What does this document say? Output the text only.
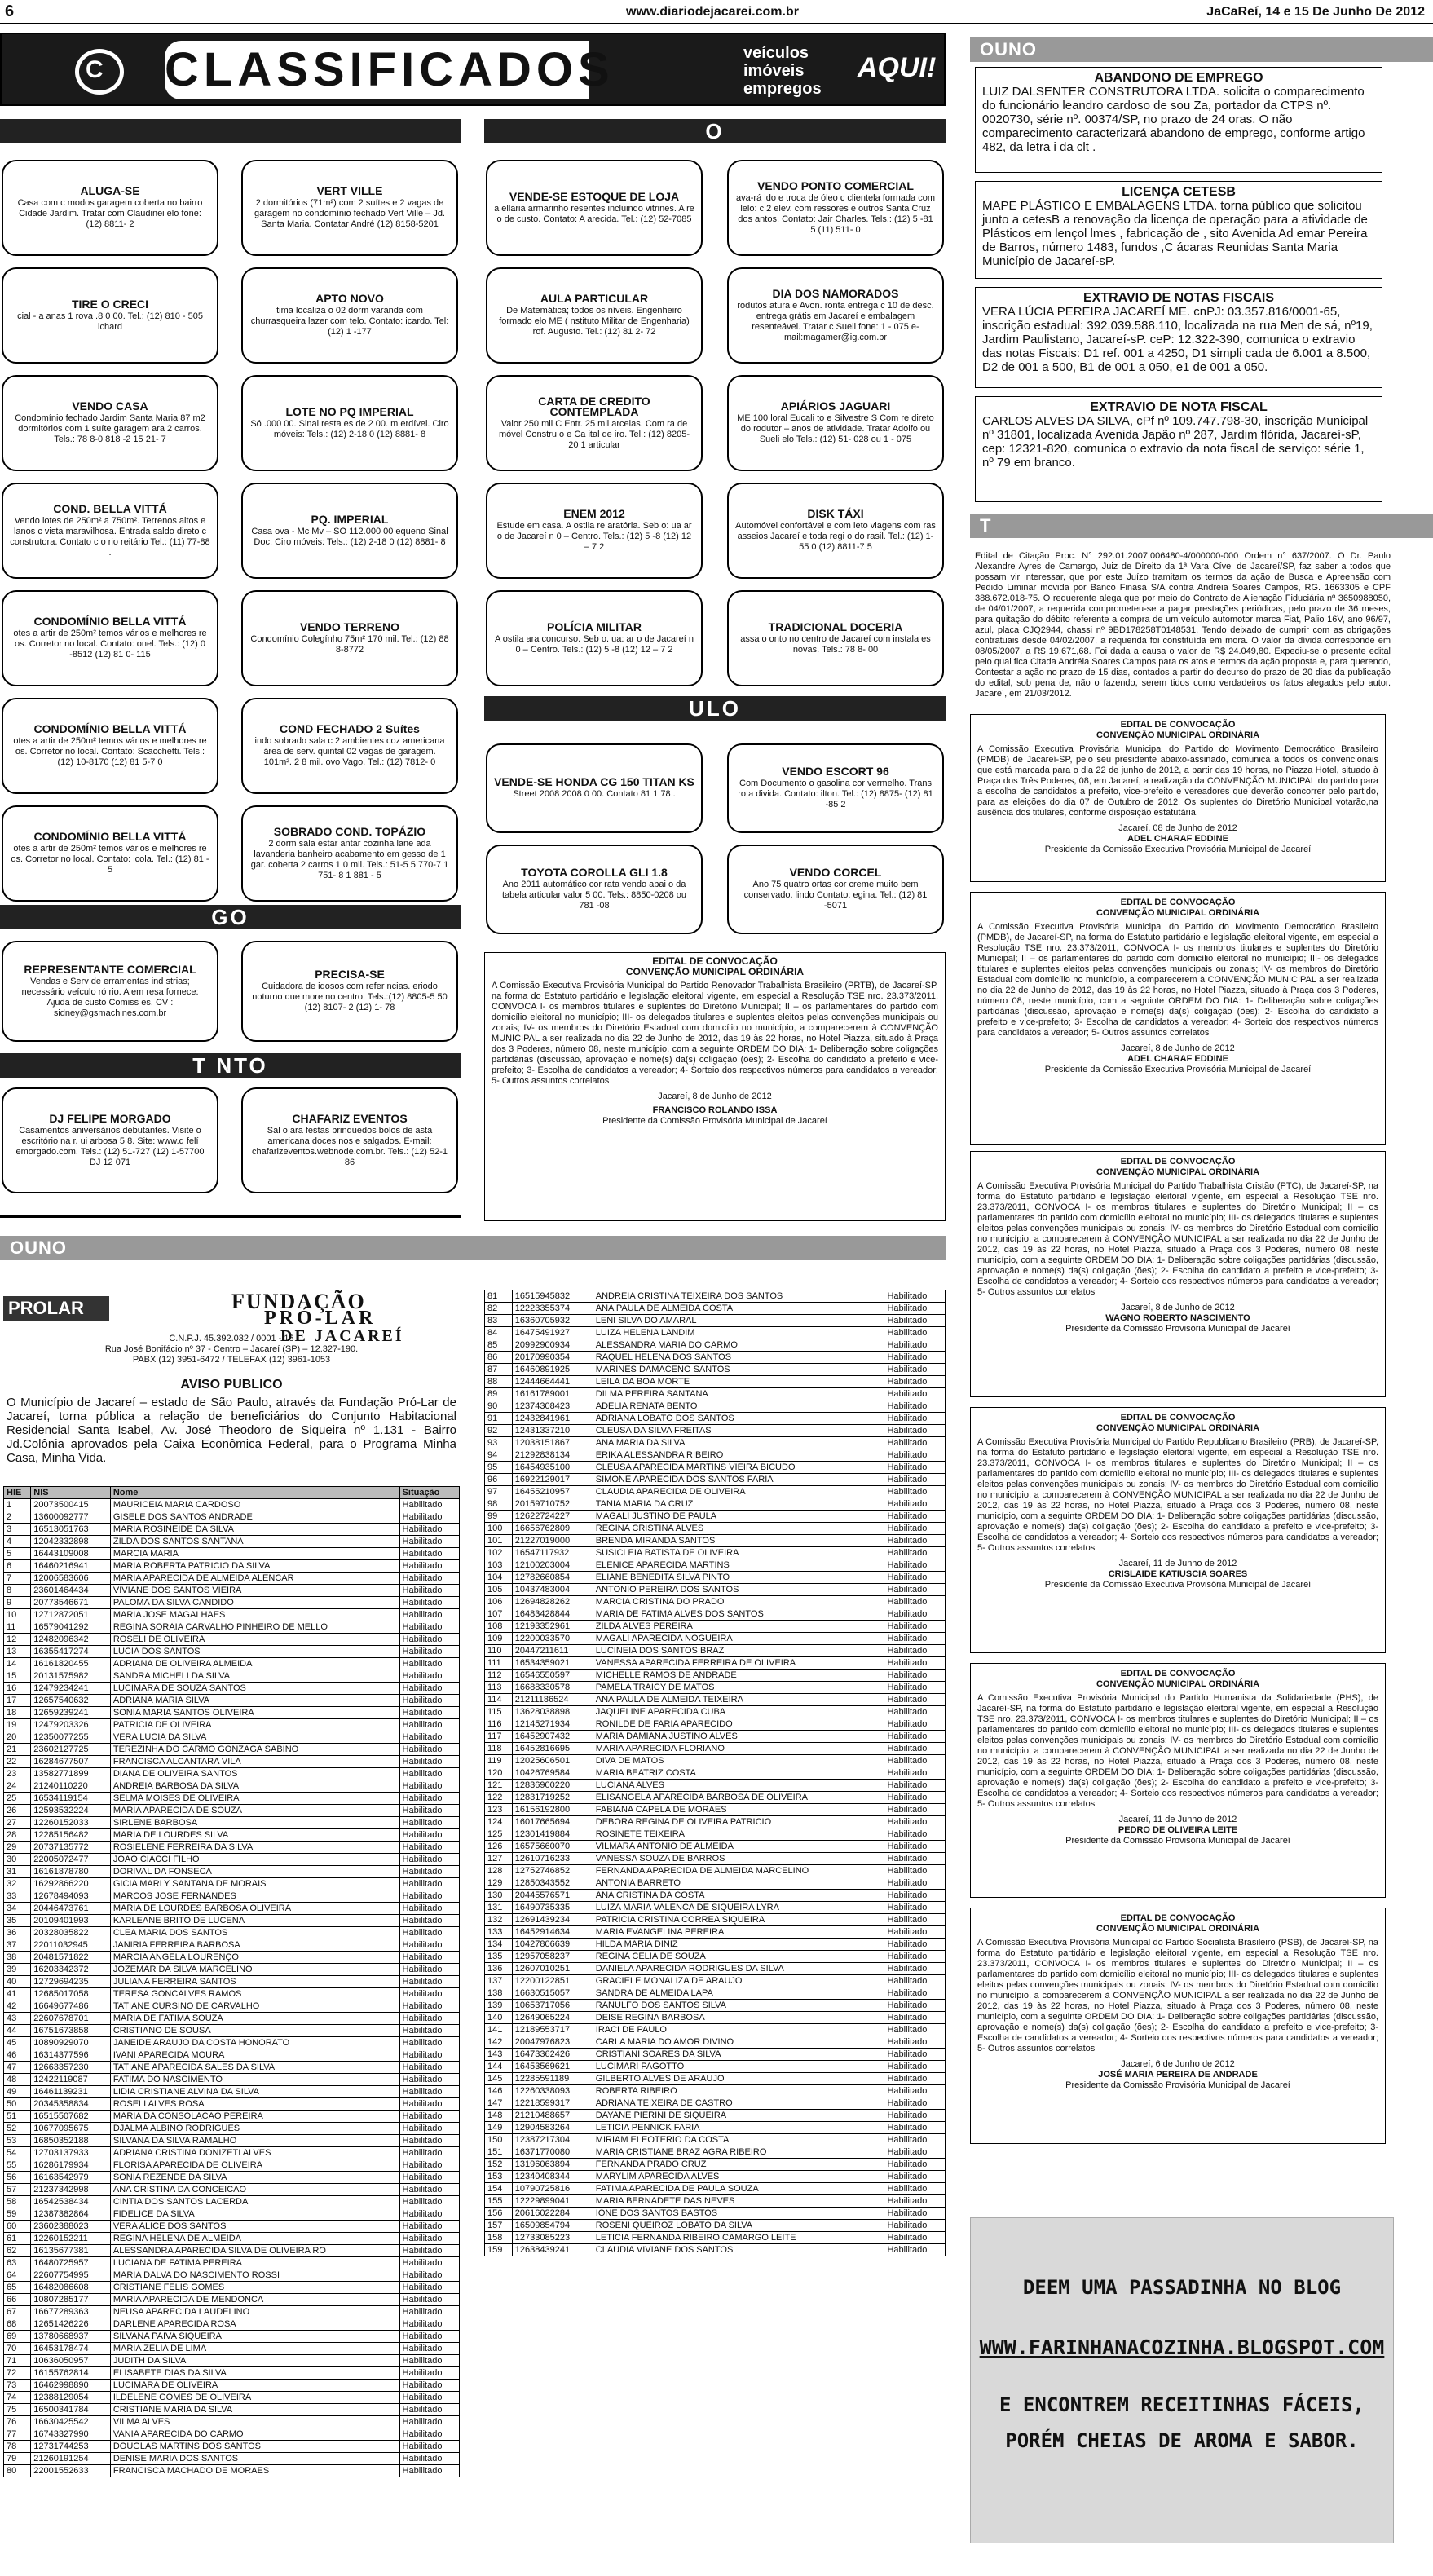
6	www.diariodejacarei.com.br	JaCaReí, 14 e 15 De Junho De 2012
C CLASSIFICADOS	veículos
imóveis
empregos
AQUI!
O
ALUGA-SE
Casa com c modos garagem coberta no bairro Cidade Jardim. Tratar com Claudinei elo fone: (12) 8811- 2
VERT VILLE
2 dormitórios (71m²) com 2 suítes e 2 vagas de garagem no condomínio fechado Vert Ville – Jd. Santa Maria. Contatar André (12) 8158-5201
TIRE O CRECI
cial - a anas 1 rova .8 0 00. Tel.: (12) 810 - 505 ichard
APTO NOVO
tima localiza o 02 dorm varanda com churrasqueira lazer com telo. Contato: icardo. Tel: (12) 1 -177
VENDO CASA
Condomínio fechado Jardim Santa Maria 87 m2 dormitórios com 1 suíte garagem ara 2 carros. Tels.: 78 8-0 818 -2 15 21- 7
LOTE NO PQ IMPERIAL
Só .000 00. Sinal resta es de 2 00. m erdível. Ciro móveis: Tels.: (12) 2-18 0 (12) 8881- 8
COND. BELLA VITTÁ
Vendo lotes de 250m² a 750m². Terrenos altos e lanos c vista maravilhosa. Entrada saldo direto c construtora. Contato c o rio reitário Tel.: (11) 77-88 .
PQ. IMPERIAL
Casa ova - Mc Mv – SO 112.000 00 equeno Sinal Doc. Ciro móveis: Tels.: (12) 2-18 0 (12) 8881- 8
CONDOMÍNIO BELLA VITTÁ
otes a artir de 250m² temos vários e melhores re os. Corretor no local. Contato: onel. Tels.: (12) 0 -8512 (12) 81 0- 115
VENDO TERRENO
Condomínio Colegínho 75m² 170 mil. Tel.: (12) 88 8-8772
CONDOMÍNIO BELLA VITTÁ
otes a artir de 250m² temos vários e melhores re os. Corretor no local. Contato: Scacchetti. Tels.: (12) 10-8170 (12) 81 5-7 0
COND FECHADO 2 Suítes
indo sobrado sala c 2 ambientes coz americana área de serv. quintal 02 vagas de garagem. 101m². 2 8 mil. ovo Vago. Tel.: (12) 7812- 0
CONDOMÍNIO BELLA VITTÁ
otes a artir de 250m² temos vários e melhores re os. Corretor no local. Contato: icola. Tel.: (12) 81 - 5
SOBRADO COND. TOPÁZIO
2 dorm sala estar antar cozinha lane ada lavanderia banheiro acabamento em gesso de 1 gar. coberta 2 carros 1 0 mil. Tels.: 51-5 5 770-7 1 751- 8 1 881 - 5
VENDE-SE ESTOQUE DE LOJA
a ellaria armarinho resentes incluindo vitrines. A re o de custo. Contato: A arecida. Tel.: (12) 52-7085
VENDO PONTO COMERCIAL
ava-rá ido e troca de óleo c clientela formada com lelo: c 2 elev. com ressores e outros Santa Cruz dos antos. Contato: Jair Charles. Tels.: (12) 5 -81 5 (11) 511- 0
AULA PARTICULAR
De Matemática; todos os níveis. Engenheiro formado elo ME ( nstituto Militar de Engenharia) rof. Augusto. Tel.: (12) 81 2- 72
DIA DOS NAMORADOS
rodutos atura e Avon. ronta entrega c 10 de desc. entrega grátis em Jacareí e embalagem resenteável. Tratar c Sueli fone: 1 - 075 e-mail:magamer@ig.com.br
CARTA DE CREDITO CONTEMPLADA
Valor 250 mil C Entr. 25 mil arcelas. Com ra de móvel Constru o e Ca ital de iro. Tel.: (12) 8205-20 1 articular
APIÁRIOS JAGUARI
ME 100 loral Eucali to e Silvestre S Com re direto do rodutor – anos de atividade. Tratar Adolfo ou Sueli elo Tels.: (12) 51- 028 ou 1 - 075
ENEM 2012
Estude em casa. A ostila re aratória. Seb o: ua ar o de Jacareí n 0 – Centro. Tels.: (12) 5 -8 (12) 12 – 7 2
DISK TÁXI
Automóvel confortável e com leto viagens com ras asseios Jacareí e toda regi o do rasil. Tel.: (12) 1-55 0 (12) 8811-7 5
POLÍCIA MILITAR
A ostila ara concurso. Seb o. ua: ar o de Jacareí n 0 – Centro. Tels.: (12) 5 -8 (12) 12 – 7 2
TRADICIONAL DOCERIA
assa o onto no centro de Jacareí com instala es novas. Tels.: 78 8- 00
ULO
VENDE-SE HONDA CG 150 TITAN KS
Street 2008 2008 0 00. Contato 81 1 78 .
VENDO ESCORT 96
Com Documento o gasolina cor vermelho. Trans ro a divida. Contato: ilton. Tel.: (12) 8875- (12) 81 -85 2
TOYOTA COROLLA GLI 1.8
Ano 2011 automático cor rata vendo abai o da tabela articular valor 5 00. Tels.: 8850-0208 ou 781 -08
VENDO CORCEL
Ano 75 quatro ortas cor creme muito bem conservado. lindo Contato: egina. Tel.: (12) 81 -5071
GO
REPRESENTANTE COMERCIAL
Vendas e Serv de erramentas ind strias; necessário veículo ró rio. A em resa fornece: Ajuda de custo Comiss es. CV : sidney@gsmachines.com.br
PRECISA-SE
Cuidadora de idosos com refer ncias. eriodo noturno que more no centro. Tels.:(12) 8805-5 50 (12) 8107- 2 (12) 1- 78
T NTO
DJ FELIPE MORGADO
Casamentos aniversários debutantes. Visite o escritório na r. ui arbosa 5 8. Site: www.d felí emorgado.com. Tels.: (12) 51-727 (12) 1-57700 DJ 12 071
CHAFARIZ EVENTOS
Sal o ara festas brinquedos bolos de asta americana doces nos e salgados. E-mail: chafarizeventos.webnode.com.br. Tels.: (12) 52-1 86
EDITAL DE CONVOCAÇÃO
CONVENÇÃO MUNICIPAL ORDINÁRIA
A Comissão Executiva Provisória Municipal do Partido Renovador Trabalhista Brasileiro (PRTB), de Jacareí-SP, na forma do Estatuto partidário e legislação eleitoral vigente, em especial a Resolução TSE nro. 23.373/2011, CONVOCA I- os membros titulares e suplentes do Diretório Municipal; II – os parlamentares do partido com domicílio eleitoral no município; III- os delegados titulares e suplentes eleitos pelas convenções municipais ou zonais; IV- os membros do Diretório Estadual com domicílio no município, a comparecerem à CONVENÇÃO MUNICIPAL a ser realizada no dia 22 de Junho de 2012, das 19 às 22 horas, no Hotel Piazza, situado à Praça dos 3 Poderes, número 08, neste município, com a seguinte ORDEM DO DIA: 1- Deliberação sobre coligações partidárias (discussão, aprovação e nome(s) da(s) coligação (ões); 2- Escolha do candidato a prefeito e vice-prefeito; 3- Escolha de candidatos a vereador; 4- Sorteio dos respectivos números para candidatos a vereador; 5- Outros assuntos correlatos
Jacareí, 8 de Junho de 2012
FRANCISCO ROLANDO ISSA
Presidente da Comissão Provisória Municipal de Jacareí
OUNO
ABANDONO DE EMPREGO
LUIZ DALSENTER CONSTRUTORA LTDA. solicita o comparecimento do funcionário leandro cardoso de sou Za, portador da CTPS nº. 0020730, série nº. 00374/SP, no prazo de 24 oras. O não comparecimento caracterizará abandono de emprego, conforme artigo 482, da letra i da clt .
LICENÇA CETESB
MAPE PLÁSTICO E EMBALAGENS LTDA. torna público que solicitou junto a cetesB a renovação da licença de operação para a atividade de Plásticos em lençol lmes , fabricação de , sito Avenida Ad emar Pereira de Barros, número 1483, fundos ,C ácaras Reunidas Santa Maria Município de Jacareí-sP.
EXTRAVIO DE NOTAS FISCAIS
VERA LÚCIA PEREIRA JACAREÍ ME. cnPJ: 03.357.816/0001-65, inscrição estadual: 392.039.588.110, localizada na rua Men de sá, nº19, Jardim Paulistano, Jacareí-sP. ceP: 12.322-390, comunica o extravio das notas Fiscais: D1 ref. 001 a 4250, D1 simpli cada de 6.001 a 8.500, D2 de 001 a 500, B1 de 001 a 050, e1 de 001 a 050.
EXTRAVIO DE NOTA FISCAL
CARLOS ALVES DA SILVA, cPf nº 109.747.798-30, inscrição Municipal nº 31801, localizada Avenida Japão nº 287, Jardim flórida, Jacareí-sP, cep: 12321-820, comunica o extravio da nota fiscal de serviço: série 1, nº 79 em branco.
T
Edital de Citação Proc. N° 292.01.2007.006480-4/000000-000 Ordem n° 637/2007. O Dr. Paulo Alexandre Ayres de Camargo, Juiz de Direito da 1ª Vara Cível de Jacareí/SP, faz saber a todos que possam vir interessar, que por este Juízo tramitam os termos da ação de Busca e Apreensão com Pedido Liminar movida por Banco Finasa S/A contra Andreia Soares Campos, RG. 1663305 e CPF 388.672.018-75. O requerente alega que por meio do Contrato de Alienação Fiduciária nº 3650988050, de 04/01/2007, a requerida comprometeu-se a pagar prestações periódicas, pelo prazo de 36 meses, para quitação do débito referente a compra de um veículo automotor marca Fiat, Palio 16V, ano 96/97, azul, placa CJQ2944, chassi nº 9BD178258T0148531. Tendo deixado de cumprir com as obrigações contratuais desde 04/02/2007, a requerida foi constituída em mora. O valor da dívida corresponde em 08/05/2007, a R$ 19.671,68. Foi dada a causa o valor de R$ 24.049,80. Expediu-se o presente edital pelo qual fica Citada Andréia Soares Campos para os atos e termos da ação proposta e, para querendo, Contestar a ação no prazo de 15 dias, contados a partir do decurso do prazo de 20 dias da publicação do edital, sob pena de, não o fazendo, serem tidos como verdadeiros os fatos alegados pelo autor. Jacareí, em 21/03/2012.
EDITAL DE CONVOCAÇÃO
CONVENÇÃO MUNICIPAL ORDINÁRIA
A Comissão Executiva Provisória Municipal do Partido do Movimento Democrático Brasileiro (PMDB) de Jacareí-SP, pelo seu presidente abaixo-assinado, comunica a todos os convencionais que está marcada para o dia 22 de junho de 2012, a partir das 19 horas, no Piazza Hotel, situado à Praça dos Três Poderes, 08, em Jacareí, a realização da CONVENÇÃO MUNICIPAL do partido para a escolha de candidatos a prefeito, vice-prefeito e vereadores que deverão concorrer pelo partido, para as eleições do dia 07 de Outubro de 2012. Os suplentes do Diretório Municipal votarão,na ausência dos titulares, conforme disposição estatutária.
Jacareí, 08 de Junho de 2012
ADEL CHARAF EDDINE
Presidente da Comissão Executiva Provisória Municipal de Jacareí
EDITAL DE CONVOCAÇÃO
CONVENÇÃO MUNICIPAL ORDINÁRIA
A Comissão Executiva Provisória Municipal do Partido do Movimento Democrático Brasileiro (PMDB), de Jacareí-SP, na forma do Estatuto partidário e legislação eleitoral vigente, em especial a Resolução TSE nro. 23.373/2011, CONVOCA I- os membros titulares e suplentes do Diretório Municipal; II – os parlamentares do partido com domicílio eleitoral no município; III- os delegados titulares e suplentes eleitos pelas convenções municipais ou zonais; IV- os membros do Diretório Estadual com domicílio no município, a comparecerem à CONVENÇÃO MUNICIPAL a ser realizada no dia 22 de Junho de 2012, das 19 às 22 horas, no Hotel Piazza, situado à Praça dos 3 Poderes, número 08, neste município, com a seguinte ORDEM DO DIA: 1- Deliberação sobre coligações partidárias (discussão, aprovação e nome(s) da(s) coligação (ões); 2- Escolha do candidato a prefeito e vice-prefeito; 3- Escolha de candidatos a vereador; 4- Sorteio dos respectivos números para candidatos a vereador; 5- Outros assuntos correlatos
Jacareí, 8 de Junho de 2012
ADEL CHARAF EDDINE
Presidente da Comissão Executiva Provisória Municipal de Jacareí
EDITAL DE CONVOCAÇÃO
CONVENÇÃO MUNICIPAL ORDINÁRIA
A Comissão Executiva Provisória Municipal do Partido Trabalhista Cristão (PTC), de Jacareí-SP, na forma do Estatuto partidário e legislação eleitoral vigente, em especial a Resolução TSE nro. 23.373/2011, CONVOCA I- os membros titulares e suplentes do Diretório Municipal; II – os parlamentares do partido com domicílio eleitoral no município; III- os delegados titulares e suplentes eleitos pelas convenções municipais ou zonais; IV- os membros do Diretório Estadual com domicílio no município, a comparecerem à CONVENÇÃO MUNICIPAL a ser realizada no dia 22 de Junho de 2012, das 19 às 22 horas, no Hotel Piazza, situado à Praça dos 3 Poderes, número 08, neste município, com a seguinte ORDEM DO DIA: 1- Deliberação sobre coligações partidárias (discussão, aprovação e nome(s) da(s) coligação (ões); 2- Escolha do candidato a prefeito e vice-prefeito; 3- Escolha de candidatos a vereador; 4- Sorteio dos respectivos números para candidatos a vereador; 5- Outros assuntos correlatos
Jacareí, 8 de Junho de 2012
WAGNO ROBERTO NASCIMENTO
Presidente da Comissão Provisória Municipal de Jacareí
EDITAL DE CONVOCAÇÃO
CONVENÇÃO MUNICIPAL ORDINÁRIA
A Comissão Executiva Provisória Municipal do Partido Republicano Brasileiro (PRB), de Jacareí-SP, na forma do Estatuto partidário e legislação eleitoral vigente, em especial a Resolução TSE nro. 23.373/2011, CONVOCA I- os membros titulares e suplentes do Diretório Municipal; II – os parlamentares do partido com domicílio eleitoral no município; III- os delegados titulares e suplentes eleitos pelas convenções municipais ou zonais; IV- os membros do Diretório Estadual com domicílio no município, a comparecerem à CONVENÇÃO MUNICIPAL a ser realizada no dia 22 de Junho de 2012, das 19 às 22 horas, no Hotel Piazza, situado à Praça dos 3 Poderes, número 08, neste município, com a seguinte ORDEM DO DIA: 1- Deliberação sobre coligações partidárias (discussão, aprovação e nome(s) da(s) coligação (ões); 2- Escolha do candidato a prefeito e vice-prefeito; 3- Escolha de candidatos a vereador; 4- Sorteio dos respectivos números para candidatos a vereador; 5- Outros assuntos correlatos
Jacareí, 11 de Junho de 2012
CRISLAIDE KATIUSCIA SOARES
Presidente da Comissão Executiva Provisória Municipal de Jacareí
EDITAL DE CONVOCAÇÃO
CONVENÇÃO MUNICIPAL ORDINÁRIA
A Comissão Executiva Provisória Municipal do Partido Humanista da Solidariedade (PHS), de Jacareí-SP, na forma do Estatuto partidário e legislação eleitoral vigente, em especial a Resolução TSE nro. 23.373/2011, CONVOCA I- os membros titulares e suplentes do Diretório Municipal; II – os parlamentares do partido com domicílio eleitoral no município; III- os delegados titulares e suplentes eleitos pelas convenções municipais ou zonais; IV- os membros do Diretório Estadual com domicílio no município, a comparecerem à CONVENÇÃO MUNICIPAL a ser realizada no dia 22 de Junho de 2012, das 19 às 22 horas, no Hotel Piazza, situado à Praça dos 3 Poderes, número 08, neste município, com a seguinte ORDEM DO DIA: 1- Deliberação sobre coligações partidárias (discussão, aprovação e nome(s) da(s) coligação (ões); 2- Escolha do candidato a prefeito e vice-prefeito; 3- Escolha de candidatos a vereador; 4- Sorteio dos respectivos números para candidatos a vereador; 5- Outros assuntos correlatos
Jacareí, 11 de Junho de 2012
PEDRO DE OLIVEIRA LEITE
Presidente da Comissão Provisória Municipal de Jacareí
EDITAL DE CONVOCAÇÃO
CONVENÇÃO MUNICIPAL ORDINÁRIA
A Comissão Executiva Provisória Municipal do Partido Socialista Brasileiro (PSB), de Jacareí-SP, na forma do Estatuto partidário e legislação eleitoral vigente, em especial a Resolução TSE nro. 23.373/2011, CONVOCA I- os membros titulares e suplentes do Diretório Municipal; II – os parlamentares do partido com domicílio eleitoral no município; III- os delegados titulares e suplentes eleitos pelas convenções municipais ou zonais; IV- os membros do Diretório Estadual com domicílio no município, a comparecerem à CONVENÇÃO MUNICIPAL a ser realizada no dia 22 de Junho de 2012, das 19 às 22 horas, no Hotel Piazza, situado à Praça dos 3 Poderes, número 08, neste município, com a seguinte ORDEM DO DIA: 1- Deliberação sobre coligações partidárias (discussão, aprovação e nome(s) da(s) coligação (ões); 2- Escolha do candidato a prefeito e vice-prefeito; 3- Escolha de candidatos a vereador; 4- Sorteio dos respectivos números para candidatos a vereador; 5- Outros assuntos correlatos
Jacareí, 6 de Junho de 2012
JOSÉ MARIA PEREIRA DE ANDRADE
Presidente da Comissão Provisória Municipal de Jacareí
OUNO
PROLAR	FUNDAÇÃO
PRÓ-LAR
DE JACAREÍ
C.N.P.J. 45.392.032 / 0001 - 18
Rua José Bonifácio nº 37 - Centro – Jacareí (SP) – 12.327-190.
PABX (12) 3951-6472 / TELEFAX (12) 3961-1053
AVISO PUBLICO
O Município de Jacareí – estado de São Paulo, através da Fundação Pró-Lar de Jacareí, torna pública a relação de beneficiários do Conjunto Habitacional Residencial Santa Isabel, Av. José Theodoro de Siqueira nº 1.131 - Bairro Jd.Colônia aprovados pela Caixa Econômica Federal, para o Programa Minha Casa, Minha Vida.
HIE	NIS	Nome	Situação
1	20073500415	MAURICEIA MARIA CARDOSO	Habilitado
2	13600092777	GISELE DOS SANTOS ANDRADE	Habilitado
3	16513051763	MARIA ROSINEIDE DA SILVA	Habilitado
4	12042332898	ZILDA DOS SANTOS SANTANA	Habilitado
5	16443109008	MARCIA MARIA	Habilitado
6	16460216941	MARIA ROBERTA PATRICIO DA SILVA	Habilitado
7	12006583606	MARIA APARECIDA DE ALMEIDA ALENCAR	Habilitado
8	23601464434	VIVIANE DOS SANTOS VIEIRA	Habilitado
9	20773546671	PALOMA DA SILVA CANDIDO	Habilitado
10	12712872051	MARIA JOSE MAGALHAES	Habilitado
11	16579041292	REGINA SORAIA CARVALHO PINHEIRO DE MELLO	Habilitado
12	12482096342	ROSELI DE OLIVEIRA	Habilitado
13	16355417274	LUCIA DOS SANTOS	Habilitado
14	16161820455	ADRIANA DE OLIVEIRA ALMEIDA	Habilitado
15	20131575982	SANDRA MICHELI DA SILVA	Habilitado
16	12479234241	LUCIMARA DE SOUZA SANTOS	Habilitado
17	12657540632	ADRIANA MARIA SILVA	Habilitado
18	12659239241	SONIA MARIA SANTOS OLIVEIRA	Habilitado
19	12479203326	PATRICIA DE OLIVEIRA	Habilitado
20	12350077255	VERA LUCIA DA SILVA	Habilitado
21	23602127725	TEREZINHA DO CARMO GONZAGA SABINO	Habilitado
22	16284677507	FRANCISCA ALCANTARA VILA	Habilitado
23	13582771899	DIANA DE OLIVEIRA SANTOS	Habilitado
24	21240110220	ANDREIA BARBOSA DA SILVA	Habilitado
25	16534119154	SELMA MOISES DE OLIVEIRA	Habilitado
26	12593532224	MARIA APARECIDA DE SOUZA	Habilitado
27	12260152033	SIRLENE BARBOSA	Habilitado
28	12285156482	MARIA DE LOURDES SILVA	Habilitado
29	20737135772	ROSIELENE FERREIRA DA SILVA	Habilitado
30	22005072477	JOAO CIACCI FILHO	Habilitado
31	16161878780	DORIVAL DA FONSECA	Habilitado
32	16292866220	GICIA MARLY SANTANA DE MORAIS	Habilitado
33	12678494093	MARCOS JOSE FERNANDES	Habilitado
34	20446473761	MARIA DE LOURDES BARBOSA OLIVEIRA	Habilitado
35	20109401993	KARLEANE BRITO DE LUCENA	Habilitado
36	20328035822	CLEA MARIA DOS SANTOS	Habilitado
37	22011032945	JANIRIA FERREIRA BARBOSA	Habilitado
38	20481571822	MARCIA ANGELA LOURENÇO	Habilitado
39	16203342372	JOZEMAR DA SILVA MARCELINO	Habilitado
40	12729694235	JULIANA FERREIRA SANTOS	Habilitado
41	12685017058	TERESA GONCALVES RAMOS	Habilitado
42	16649677486	TATIANE CURSINO DE CARVALHO	Habilitado
43	22607678701	MARIA DE FATIMA SOUZA	Habilitado
44	16751673858	CRISTIANO DE SOUSA	Habilitado
45	10890929070	JANEIDE ARAUJO DA COSTA HONORATO	Habilitado
46	16314377596	IVANI APARECIDA MOURA	Habilitado
47	12663357230	TATIANE APARECIDA SALES DA SILVA	Habilitado
48	12422119087	FATIMA DO NASCIMENTO	Habilitado
49	16461139231	LIDIA CRISTIANE ALVINA DA SILVA	Habilitado
50	20345358834	ROSELI ALVES ROSA	Habilitado
51	16515507682	MARIA DA CONSOLACAO PEREIRA	Habilitado
52	10677095675	DJALMA ALBINO RODRIGUES	Habilitado
53	16850352188	SILVANA DA SILVA RAMALHO	Habilitado
54	12703137933	ADRIANA CRISTINA DONIZETI ALVES	Habilitado
55	16286179934	FLORISA APARECIDA DE OLIVEIRA	Habilitado
56	16163542979	SONIA REZENDE DA SILVA	Habilitado
57	21237342998	ANA CRISTINA DA CONCEICAO	Habilitado
58	16542538434	CINTIA DOS SANTOS LACERDA	Habilitado
59	12387382864	FIDELICE DA SILVA	Habilitado
60	23602388023	VERA ALICE DOS SANTOS	Habilitado
61	12260152211	REGINA HELENA DE ALMEIDA	Habilitado
62	16135677381	ALESSANDRA APARECIDA SILVA DE OLIVEIRA RO	Habilitado
63	16480725957	LUCIANA DE FATIMA PEREIRA	Habilitado
64	22607754995	MARIA DALVA DO NASCIMENTO ROSSI	Habilitado
65	16482086608	CRISTIANE FELIS GOMES	Habilitado
66	10807285177	MARIA APARECIDA DE MENDONCA	Habilitado
67	16677289363	NEUSA APARECIDA LAUDELINO	Habilitado
68	12651426226	DARLENE APARECIDA ROSA	Habilitado
69	13780668937	SILVANA PAIVA SIQUEIRA	Habilitado
70	16453178474	MARIA ZELIA DE LIMA	Habilitado
71	10636050957	JUDITH DA SILVA	Habilitado
72	16155762814	ELISABETE DIAS DA SILVA	Habilitado
73	16462998890	LUCIMARA DE OLIVEIRA	Habilitado
74	12388129054	ILDELENE GOMES DE OLIVEIRA	Habilitado
75	16500341784	CRISTIANE MARIA DA SILVA	Habilitado
76	16630425542	VILMA ALVES	Habilitado
77	16743327990	VANIA APARECIDA DO CARMO	Habilitado
78	12731744253	DOUGLAS MARTINS DOS SANTOS	Habilitado
79	21260191254	DENISE MARIA DOS SANTOS	Habilitado
80	22001552633	FRANCISCA MACHADO DE MORAES	Habilitado
81	16515945832	ANDREIA CRISTINA TEIXEIRA DOS SANTOS	Habilitado
82	12223355374	ANA PAULA DE ALMEIDA COSTA	Habilitado
83	16360705932	LENI SILVA DO AMARAL	Habilitado
84	16475491927	LUIZA HELENA LANDIM	Habilitado
85	20992900934	ALESSANDRA MARIA DO CARMO	Habilitado
86	20170990354	RAQUEL HELENA DOS SANTOS	Habilitado
87	16460891925	MARINES DAMACENO SANTOS	Habilitado
88	12444664441	LEILA DA BOA MORTE	Habilitado
89	16161789001	DILMA PEREIRA SANTANA	Habilitado
90	12374308423	ADELIA RENATA BENTO	Habilitado
91	12432841961	ADRIANA LOBATO DOS SANTOS	Habilitado
92	12431337210	CLEUSA DA SILVA FREITAS	Habilitado
93	12038151867	ANA MARIA DA SILVA	Habilitado
94	21292838134	ERIKA ALESSANDRA RIBEIRO	Habilitado
95	16454935100	CLEUSA APARECIDA MARTINS VIEIRA BICUDO	Habilitado
96	16922129017	SIMONE APARECIDA DOS SANTOS FARIA	Habilitado
97	16455210957	CLAUDIA APARECIDA DE OLIVEIRA	Habilitado
98	20159710752	TANIA MARIA DA CRUZ	Habilitado
99	12622724227	MAGALI JUSTINO DE PAULA	Habilitado
100	16656762809	REGINA CRISTINA ALVES	Habilitado
101	21227019000	BRENDA MIRANDA SANTOS	Habilitado
102	16547117932	SUSICLEIA BATISTA DE OLIVEIRA	Habilitado
103	12100203004	ELENICE APARECIDA MARTINS	Habilitado
104	12782660854	ELIANE BENEDITA SILVA PINTO	Habilitado
105	10437483004	ANTONIO PEREIRA DOS SANTOS	Habilitado
106	12694828262	MARCIA CRISTINA DO PRADO	Habilitado
107	16483428844	MARIA DE FATIMA ALVES DOS SANTOS	Habilitado
108	12193352961	ZILDA ALVES PEREIRA	Habilitado
109	12200033570	MAGALI APARECIDA NOGUEIRA	Habilitado
110	20447211611	LUCINEIA DOS SANTOS BRAZ	Habilitado
111	16534359021	VANESSA APARECIDA FERREIRA DE OLIVEIRA	Habilitado
112	16546550597	MICHELLE RAMOS DE ANDRADE	Habilitado
113	16688330578	PAMELA TRAICY DE MATOS	Habilitado
114	21211186524	ANA PAULA DE ALMEIDA TEIXEIRA	Habilitado
115	13628038898	JAQUELINE APARECIDA CUBA	Habilitado
116	12145271934	RONILDE DE FARIA APARECIDO	Habilitado
117	16452907432	MARIA DAMIANA JUSTINO ALVES	Habilitado
118	16452816695	MARIA APARECIDA FLORIANO	Habilitado
119	12025606501	DIVA DE MATOS	Habilitado
120	10426769584	MARIA BEATRIZ COSTA	Habilitado
121	12836900220	LUCIANA ALVES	Habilitado
122	12831719252	ELISANGELA APARECIDA BARBOSA DE OLIVEIRA	Habilitado
123	16156192800	FABIANA CAPELA DE MORAES	Habilitado
124	16017665694	DEBORA REGINA DE OLIVEIRA PATRICIO	Habilitado
125	12301419884	ROSINETE TEIXEIRA	Habilitado
126	16575660070	VILMARA ANTONIO DE ALMEIDA	Habilitado
127	12610716233	VANESSA SOUZA DE BARROS	Habilitado
128	12752746852	FERNANDA APARECIDA DE ALMEIDA MARCELINO	Habilitado
129	12850343552	ANTONIA BARRETO	Habilitado
130	20445576571	ANA CRISTINA DA COSTA	Habilitado
131	16490735335	LUIZA MARIA VALENCA DE SIQUEIRA LYRA	Habilitado
132	12691439234	PATRICIA CRISTINA CORREA SIQUEIRA	Habilitado
133	16452914634	MARIA EVANGELINA PEREIRA	Habilitado
134	10427806639	HILDA MARIA DINIZ	Habilitado
135	12957058237	REGINA CELIA DE SOUZA	Habilitado
136	12607010251	DANIELA APARECIDA RODRIGUES DA SILVA	Habilitado
137	12200122851	GRACIELE MONALIZA DE ARAUJO	Habilitado
138	16630515057	SANDRA DE ALMEIDA LAPA	Habilitado
139	10653717056	RANULFO DOS SANTOS SILVA	Habilitado
140	12649065224	DEISE REGINA BARBOSA	Habilitado
141	12189553717	IRACI DE PAULO	Habilitado
142	20047976823	CARLA MARIA DO AMOR DIVINO	Habilitado
143	16473362426	CRISTIANI SOARES DA SILVA	Habilitado
144	16453569621	LUCIMARI PAGOTTO	Habilitado
145	12285591189	GILBERTO ALVES DE ARAUJO	Habilitado
146	12260338093	ROBERTA RIBEIRO	Habilitado
147	12218599317	ADRIANA TEIXEIRA DE CASTRO	Habilitado
148	21210488657	DAYANE PIERINI DE SIQUEIRA	Habilitado
149	12904583264	LETICIA PENNICK FARIA	Habilitado
150	12387217304	MIRIAM ELEOTERIO DA COSTA	Habilitado
151	16371770080	MARIA CRISTIANE BRAZ AGRA RIBEIRO	Habilitado
152	13196063894	FERNANDA PRADO CRUZ	Habilitado
153	12340408344	MARYLIM APARECIDA ALVES	Habilitado
154	10790725816	FATIMA APARECIDA DE PAULA SOUZA	Habilitado
155	12229899041	MARIA BERNADETE DAS NEVES	Habilitado
156	20616022284	IONE DOS SANTOS BASTOS	Habilitado
157	16509854794	ROSENI QUEIROZ LOBATO DA SILVA	Habilitado
158	12733085223	LETICIA FERNANDA RIBEIRO CAMARGO LEITE	Habilitado
159	12638439241	CLAUDIA VIVIANE DOS SANTOS	Habilitado
DEEM UMA PASSADINHA NO BLOG
WWW.FARINHANACOZINHA.BLOGSPOT.COM
E ENCONTREM RECEITINHAS FÁCEIS,
PORÉM CHEIAS DE AROMA E SABOR.
